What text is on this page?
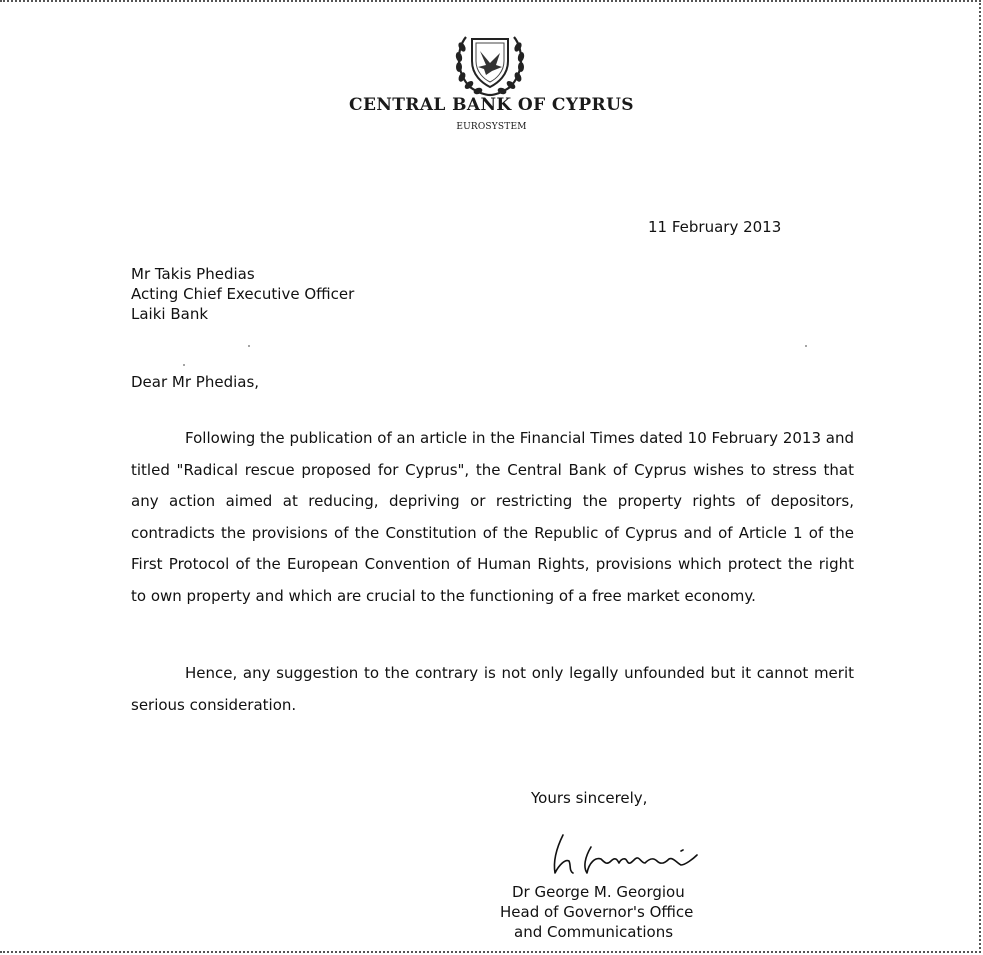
CENTRAL BANK OF CYPRUS
EUROSYSTEM
11 February 2013
Mr Takis Phedias
Acting Chief Executive Officer
Laiki Bank
Dear Mr Phedias,
Following the publication of an article in the Financial Times dated 10 February 2013 and titled "Radical rescue proposed for Cyprus", the Central Bank of Cyprus wishes to stress that any action aimed at reducing, depriving or restricting the property rights of depositors, contradicts the provisions of the Constitution of the Republic of Cyprus and of Article 1 of the First Protocol of the European Convention of Human Rights, provisions which protect the right to own property and which are crucial to the functioning of a free market economy.
Hence, any suggestion to the contrary is not only legally unfounded but it cannot merit serious consideration.
Yours sincerely,
Dr George M. Georgiou
Head of Governor's Office
and Communications
